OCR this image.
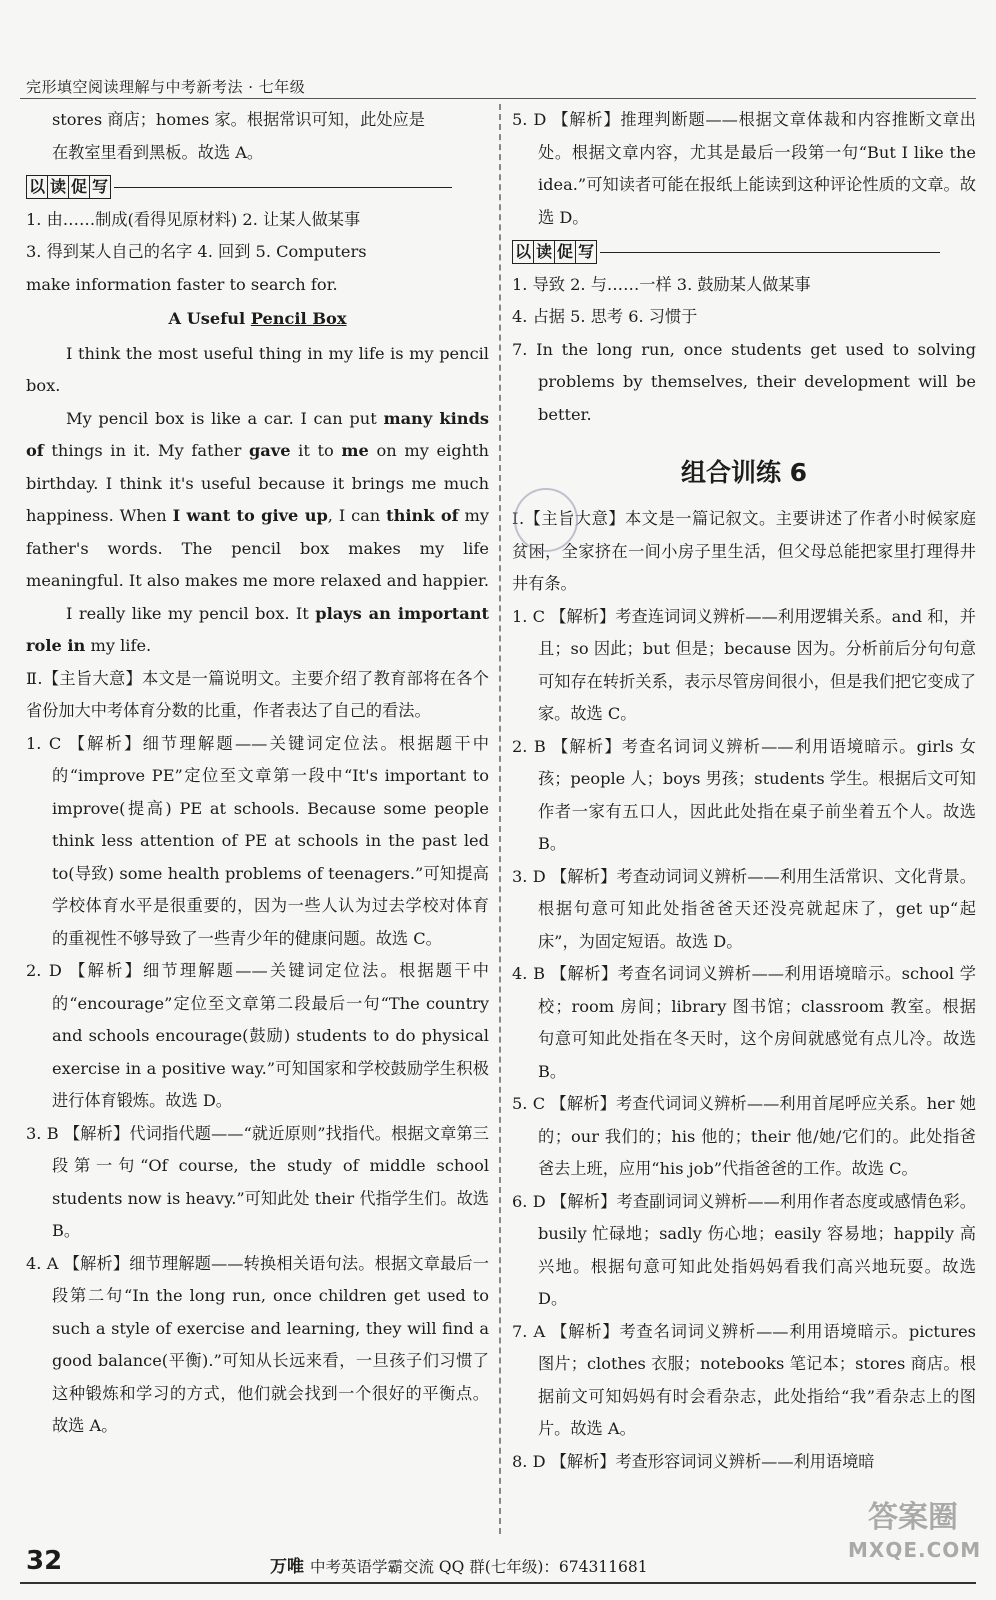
完形填空阅读理解与中考新考法 · 七年级

stores 商店；homes 家。根据常识可知，此处应是

在教室里看到黑板。故选 A。

以 读 促 写

1. 由……制成(看得见原材料) 2. 让某人做某事

3. 得到某人自己的名字 4. 回到 5. Computers

make information faster to search for.

A Useful Pencil Box

I think the most useful thing in my life is my pencil box.

My pencil box is like a car. I can put many kinds of things in it. My father gave it to me on my eighth birthday. I think it's useful because it brings me much happiness. When I want to give up, I can think of my father's words. The pencil box makes my life meaningful. It also makes me more relaxed and happier.

I really like my pencil box. It plays an important role in my life.

Ⅱ.【主旨大意】本文是一篇说明文。主要介绍了教育部将在各个省份加大中考体育分数的比重，作者表达了自己的看法。

1. C 【解析】细节理解题——关键词定位法。根据题干中的“improve PE”定位至文章第一段中“It's important to improve(提高) PE at schools. Because some people think less attention of PE at schools in the past led to(导致) some health problems of teenagers.”可知提高学校体育水平是很重要的，因为一些人认为过去学校对体育的重视性不够导致了一些青少年的健康问题。故选 C。

2. D 【解析】细节理解题——关键词定位法。根据题干中的“encourage”定位至文章第二段最后一句“The country and schools encourage(鼓励) students to do physical exercise in a positive way.”可知国家和学校鼓励学生积极进行体育锻炼。故选 D。

3. B 【解析】代词指代题——“就近原则”找指代。根据文章第三段第一句“Of course, the study of middle school students now is heavy.”可知此处 their 代指学生们。故选 B。

4. A 【解析】细节理解题——转换相关语句法。根据文章最后一段第二句“In the long run, once children get used to such a style of exercise and learning, they will find a good balance(平衡).”可知从长远来看，一旦孩子们习惯了这种锻炼和学习的方式，他们就会找到一个很好的平衡点。故选 A。

5. D 【解析】推理判断题——根据文章体裁和内容推断文章出处。根据文章内容，尤其是最后一段第一句“But I like the idea.”可知读者可能在报纸上能读到这种评论性质的文章。故选 D。

以 读 促 写

1. 导致 2. 与……一样 3. 鼓励某人做某事

4. 占据 5. 思考 6. 习惯于

7. In the long run, once students get used to solving problems by themselves, their development will be better.

组合训练 6

Ⅰ.【主旨大意】本文是一篇记叙文。主要讲述了作者小时候家庭贫困，全家挤在一间小房子里生活，但父母总能把家里打理得井井有条。

1. C 【解析】考查连词词义辨析——利用逻辑关系。and 和，并且；so 因此；but 但是；because 因为。分析前后分句句意可知存在转折关系，表示尽管房间很小，但是我们把它变成了家。故选 C。

2. B 【解析】考查名词词义辨析——利用语境暗示。girls 女孩；people 人；boys 男孩；students 学生。根据后文可知作者一家有五口人，因此此处指在桌子前坐着五个人。故选 B。

3. D 【解析】考查动词词义辨析——利用生活常识、文化背景。根据句意可知此处指爸爸天还没亮就起床了，get up“起床”，为固定短语。故选 D。

4. B 【解析】考查名词词义辨析——利用语境暗示。school 学校；room 房间；library 图书馆；classroom 教室。根据句意可知此处指在冬天时，这个房间就感觉有点儿冷。故选 B。

5. C 【解析】考查代词词义辨析——利用首尾呼应关系。her 她的；our 我们的；his 他的；their 他/她/它们的。此处指爸爸去上班，应用“his job”代指爸爸的工作。故选 C。

6. D 【解析】考查副词词义辨析——利用作者态度或感情色彩。busily 忙碌地；sadly 伤心地；easily 容易地；happily 高兴地。根据句意可知此处指妈妈看我们高兴地玩耍。故选 D。

7. A 【解析】考查名词词义辨析——利用语境暗示。pictures 图片；clothes 衣服；notebooks 笔记本；stores 商店。根据前文可知妈妈有时会看杂志，此处指给“我”看杂志上的图片。故选 A。

8. D 【解析】考查形容词词义辨析——利用语境暗

32	万唯 中考英语学霸交流 QQ 群(七年级)：674311681
答案圈
MXQE.COM
